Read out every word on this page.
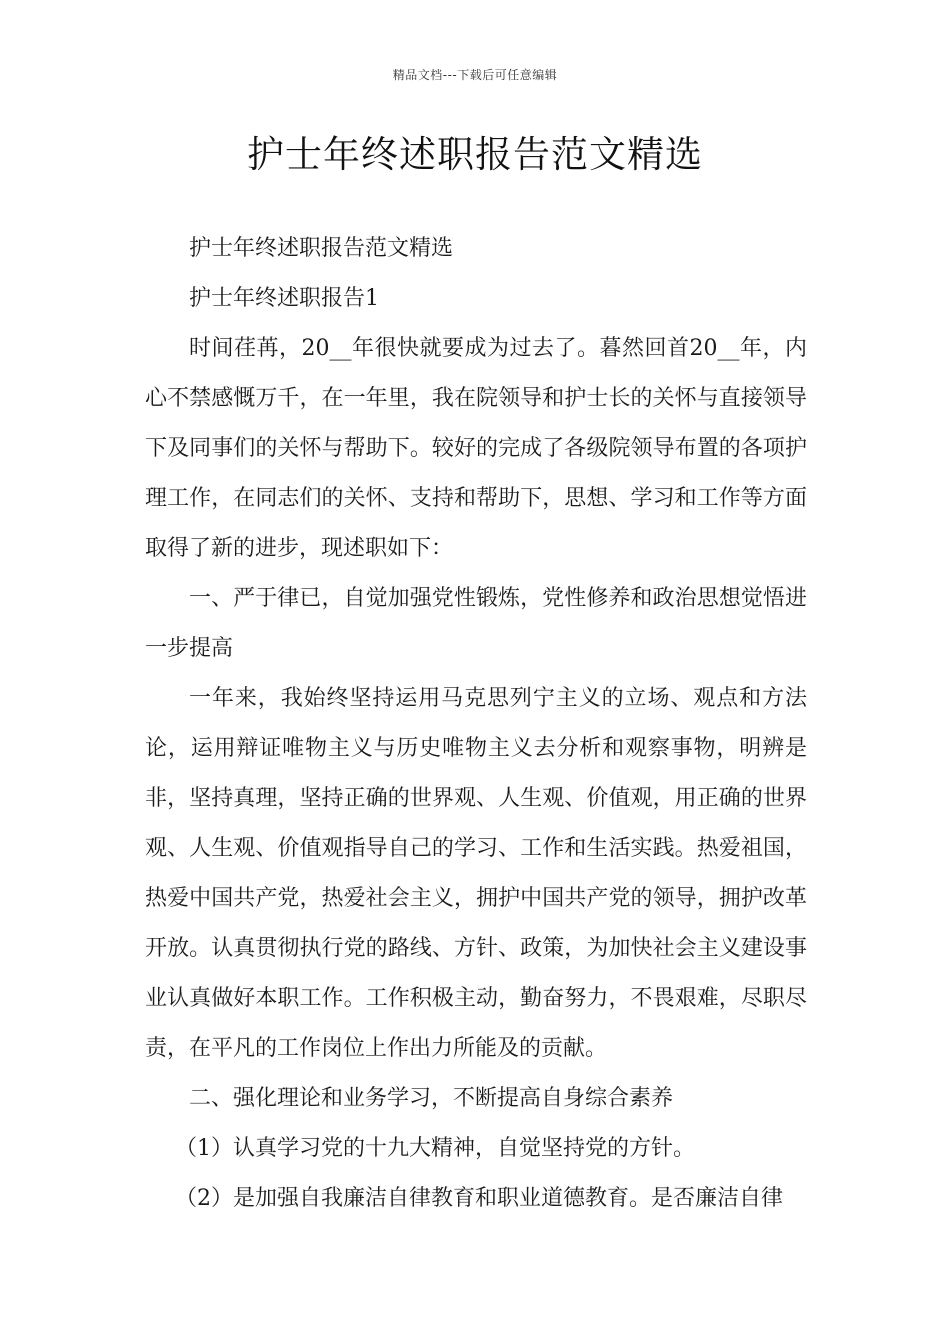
精品文档---下载后可任意编辑
护士年终述职报告范文精选

护士年终述职报告范文精选

护士年终述职报告1

时间荏苒，20__年很快就要成为过去了。暮然回首20__年，内心不禁感慨万千，在一年里，我在院领导和护士长的关怀与直接领导下及同事们的关怀与帮助下。较好的完成了各级院领导布置的各项护理工作，在同志们的关怀、支持和帮助下，思想、学习和工作等方面取得了新的进步，现述职如下：

一、严于律已，自觉加强党性锻炼，党性修养和政治思想觉悟进一步提高

一年来，我始终坚持运用马克思列宁主义的立场、观点和方法论，运用辩证唯物主义与历史唯物主义去分析和观察事物，明辨是非，坚持真理，坚持正确的世界观、人生观、价值观，用正确的世界观、人生观、价值观指导自己的学习、工作和生活实践。热爱祖国，热爱中国共产党，热爱社会主义，拥护中国共产党的领导，拥护改革开放。认真贯彻执行党的路线、方针、政策，为加快社会主义建设事业认真做好本职工作。工作积极主动，勤奋努力，不畏艰难，尽职尽责，在平凡的工作岗位上作出力所能及的贡献。

二、强化理论和业务学习，不断提高自身综合素养

（1）认真学习党的十九大精神，自觉坚持党的方针。

（2）是加强自我廉洁自律教育和职业道德教育。是否廉洁自律
